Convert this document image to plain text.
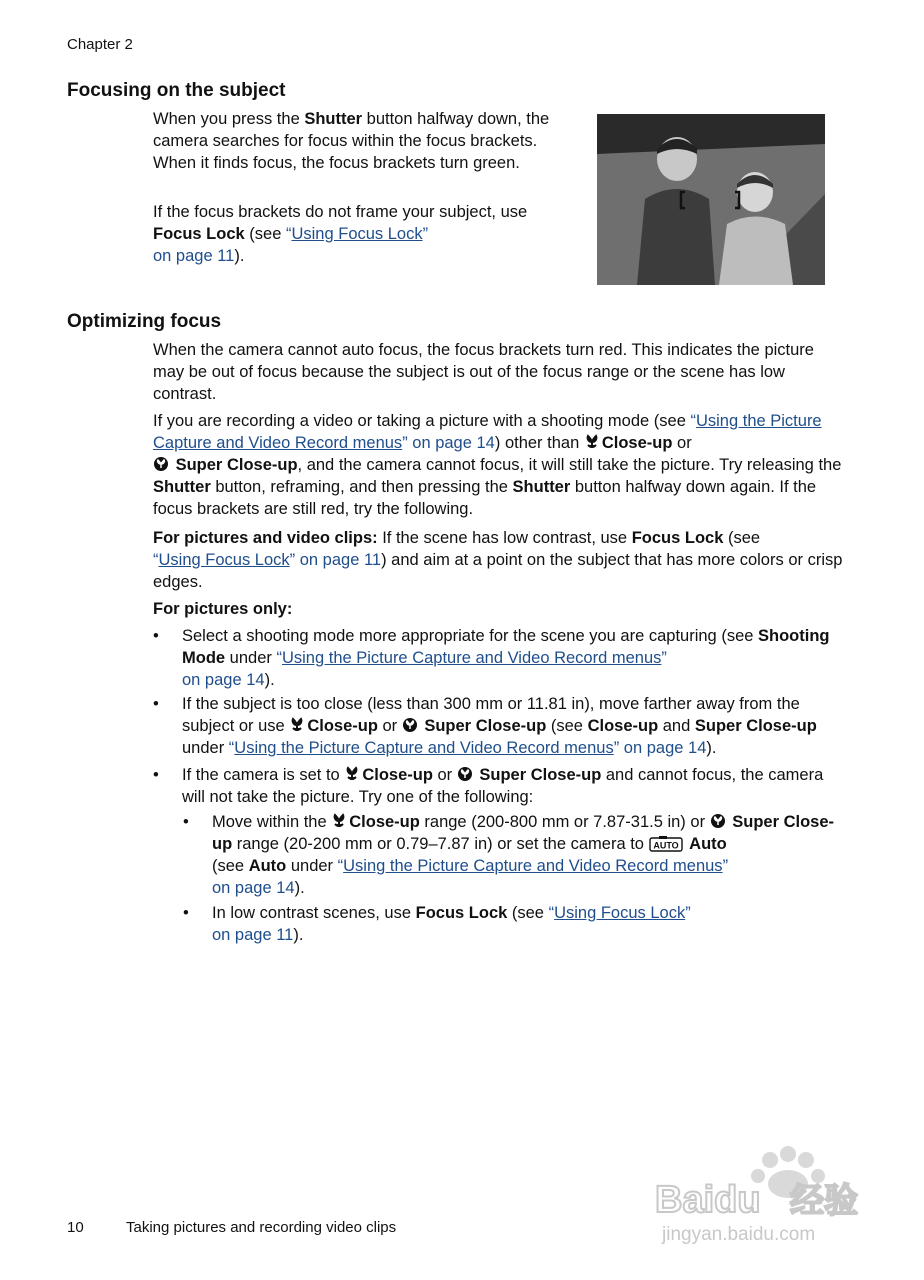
Chapter 2
Focusing on the subject

When you press the Shutter button halfway down, the camera searches for focus within the focus brackets. When it finds focus, the focus brackets turn green.

If the focus brackets do not frame your subject, use Focus Lock (see “Using Focus Lock”
on page 11).

Optimizing focus

When the camera cannot auto focus, the focus brackets turn red. This indicates the picture may be out of focus because the subject is out of the focus range or the scene has low contrast.

If you are recording a video or taking a picture with a shooting mode (see “Using the Picture Capture and Video Record menus” on page 14) other than Close-up or
Super Close-up, and the camera cannot focus, it will still take the picture. Try releasing the Shutter button, reframing, and then pressing the Shutter button halfway down again. If the focus brackets are still red, try the following.

For pictures and video clips: If the scene has low contrast, use Focus Lock (see
“Using Focus Lock” on page 11) and aim at a point on the subject that has more colors or crisp edges.

For pictures only:

• Select a shooting mode more appropriate for the scene you are capturing (see Shooting Mode under “Using the Picture Capture and Video Record menus”
on page 14).

• If the subject is too close (less than 300 mm or 11.81 in), move farther away from the subject or use Close-up or  Super Close-up (see Close-up and Super Close-up under “Using the Picture Capture and Video Record menus” on page 14).

• If the camera is set to Close-up or  Super Close-up and cannot focus, the camera will not take the picture. Try one of the following:

• Move within the Close-up range (200-800 mm or 7.87-31.5 in) or  Super Close-up range (20-200 mm or 0.79–7.87 in) or set the camera to AUTO Auto
(see Auto under “Using the Picture Capture and Video Record menus”
on page 14).

• In low contrast scenes, use Focus Lock (see “Using Focus Lock”
on page 11).

10	Taking pictures and recording video clips
Baidu 经验
jingyan.baidu.com
